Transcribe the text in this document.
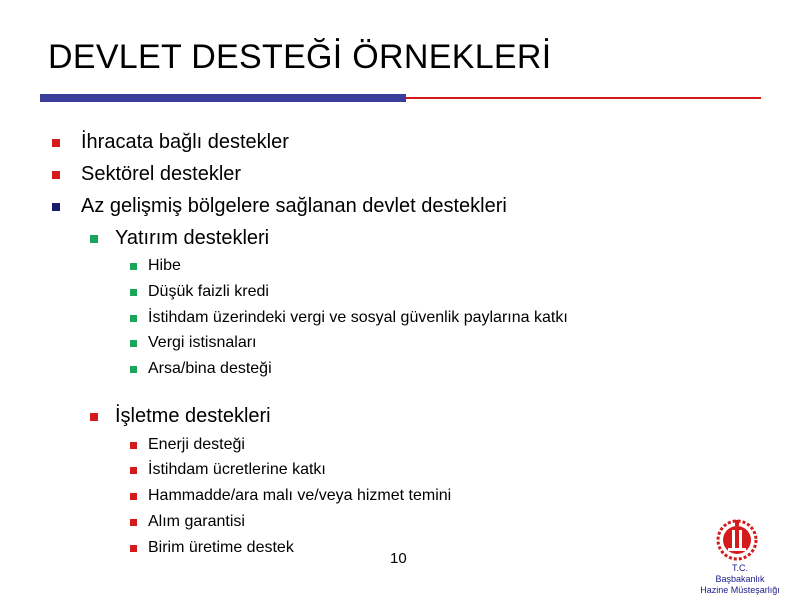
DEVLET DESTEĞİ ÖRNEKLERİ
İhracata bağlı destekler
Sektörel destekler
Az gelişmiş bölgelere sağlanan devlet destekleri
Yatırım destekleri
Hibe
Düşük faizli kredi
İstihdam üzerindeki vergi ve sosyal güvenlik paylarına katkı
Vergi istisnaları
Arsa/bina desteği
İşletme destekleri
Enerji desteği
İstihdam ücretlerine katkı
Hammadde/ara malı ve/veya hizmet temini
Alım garantisi
Birim üretime destek
10
T.C.
Başbakanlık
Hazine Müsteşarlığı
